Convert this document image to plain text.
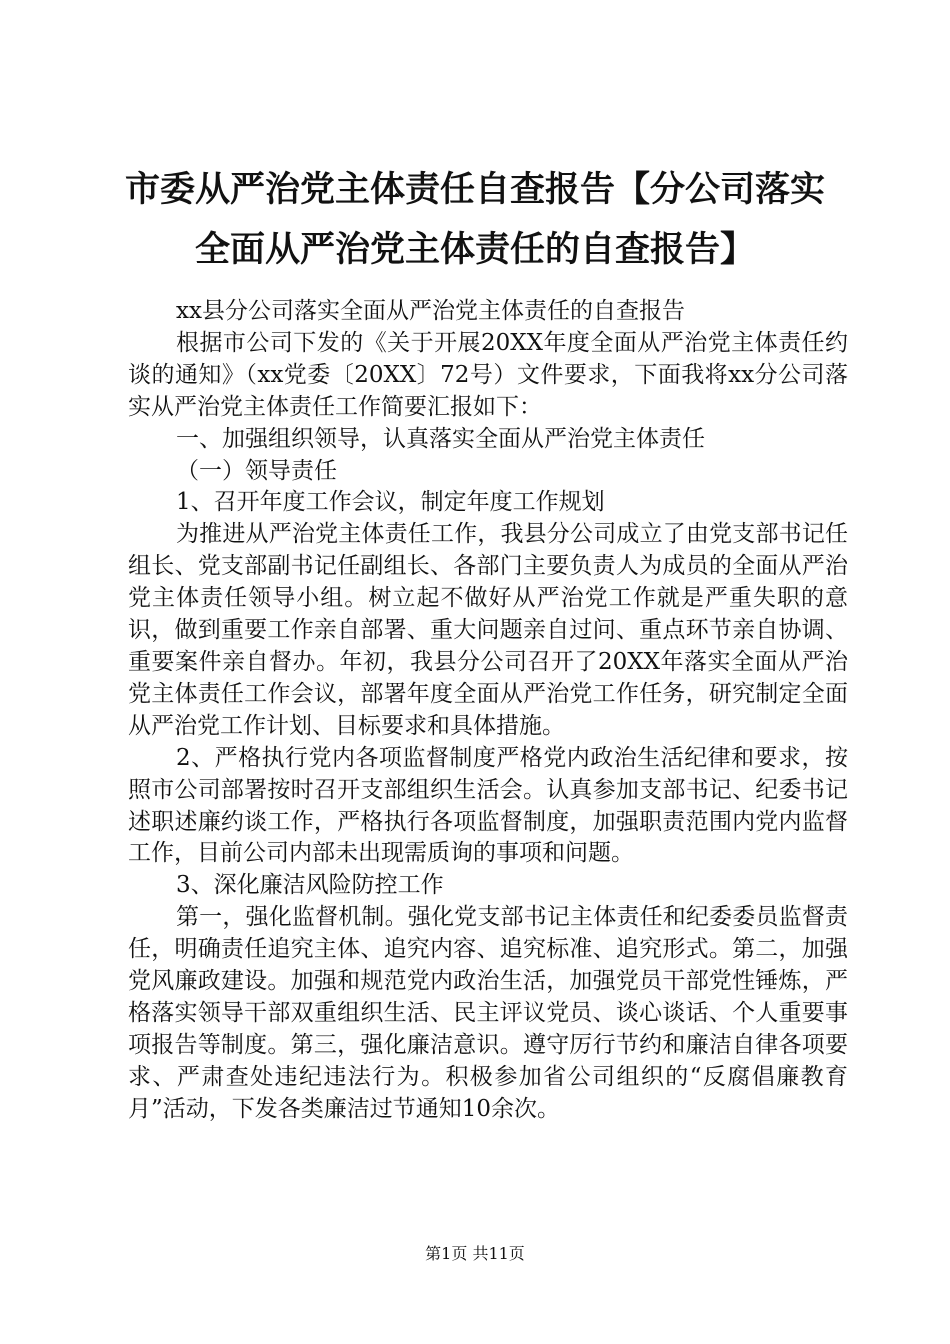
市委从严治党主体责任自查报告【分公司落实
全面从严治党主体责任的自查报告】

xx县分公司落实全面从严治党主体责任的自查报告

根据市公司下发的《关于开展20XX年度全面从严治党主体责任约谈的通知》（xx党委〔20XX〕72号）文件要求，下面我将xx分公司落实从严治党主体责任工作简要汇报如下：

一、加强组织领导，认真落实全面从严治党主体责任

（一）领导责任

1、召开年度工作会议，制定年度工作规划

为推进从严治党主体责任工作，我县分公司成立了由党支部书记任组长、党支部副书记任副组长、各部门主要负责人为成员的全面从严治党主体责任领导小组。树立起不做好从严治党工作就是严重失职的意识，做到重要工作亲自部署、重大问题亲自过问、重点环节亲自协调、重要案件亲自督办。年初，我县分公司召开了20XX年落实全面从严治党主体责任工作会议，部署年度全面从严治党工作任务，研究制定全面从严治党工作计划、目标要求和具体措施。

2、严格执行党内各项监督制度严格党内政治生活纪律和要求，按照市公司部署按时召开支部组织生活会。认真参加支部书记、纪委书记述职述廉约谈工作，严格执行各项监督制度，加强职责范围内党内监督工作，目前公司内部未出现需质询的事项和问题。

3、深化廉洁风险防控工作

第一，强化监督机制。强化党支部书记主体责任和纪委委员监督责任，明确责任追究主体、追究内容、追究标准、追究形式。第二，加强党风廉政建设。加强和规范党内政治生活，加强党员干部党性锤炼，严格落实领导干部双重组织生活、民主评议党员、谈心谈话、个人重要事项报告等制度。第三，强化廉洁意识。遵守厉行节约和廉洁自律各项要求、严肃查处违纪违法行为。积极参加省公司组织的“反腐倡廉教育月”活动，下发各类廉洁过节通知10余次。

第1页 共11页
